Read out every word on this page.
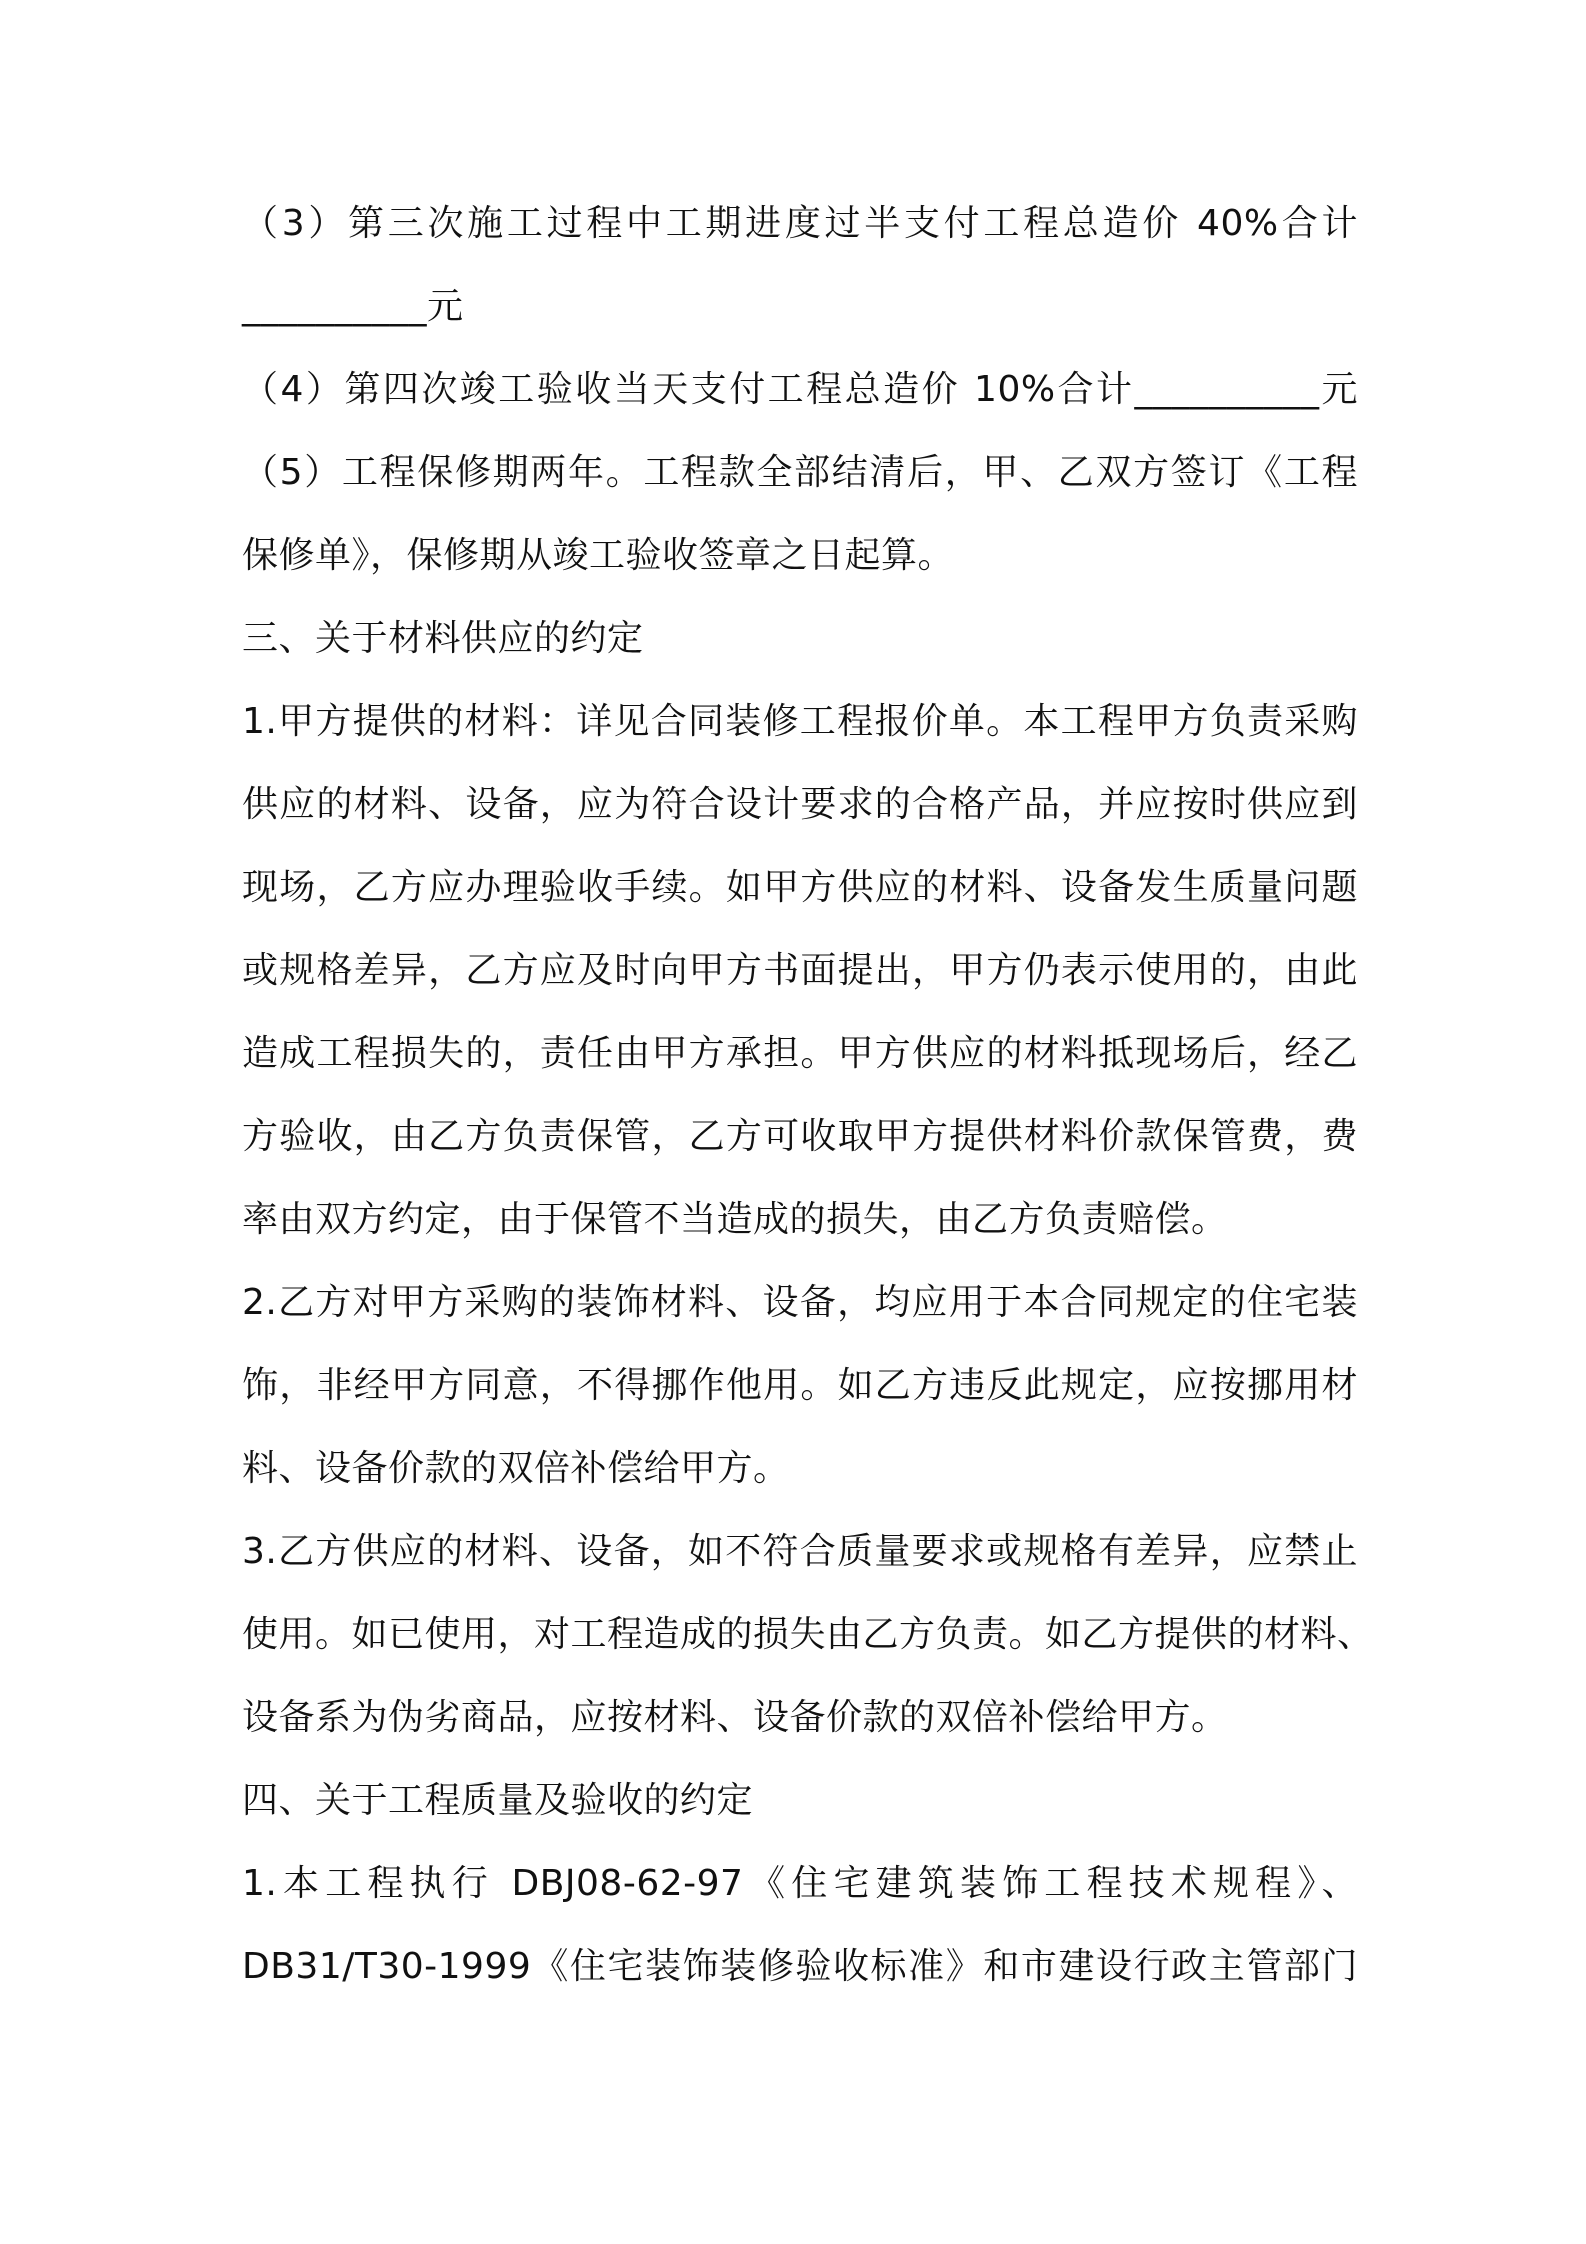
（3）第三次施工过程中工期进度过半支付工程总造价 40%合计
__________元
（4）第四次竣工验收当天支付工程总造价 10%合计__________元
（5）工程保修期两年。工程款全部结清后，甲、乙双方签订《工程
保修单》，保修期从竣工验收签章之日起算。
三、关于材料供应的约定
1.甲方提供的材料：详见合同装修工程报价单。本工程甲方负责采购
供应的材料、设备，应为符合设计要求的合格产品，并应按时供应到
现场，乙方应办理验收手续。如甲方供应的材料、设备发生质量问题
或规格差异，乙方应及时向甲方书面提出，甲方仍表示使用的，由此
造成工程损失的，责任由甲方承担。甲方供应的材料抵现场后，经乙
方验收，由乙方负责保管，乙方可收取甲方提供材料价款保管费，费
率由双方约定，由于保管不当造成的损失，由乙方负责赔偿。
2.乙方对甲方采购的装饰材料、设备，均应用于本合同规定的住宅装
饰，非经甲方同意，不得挪作他用。如乙方违反此规定，应按挪用材
料、设备价款的双倍补偿给甲方。
3.乙方供应的材料、设备，如不符合质量要求或规格有差异，应禁止
使用。如已使用，对工程造成的损失由乙方负责。如乙方提供的材料、
设备系为伪劣商品，应按材料、设备价款的双倍补偿给甲方。
四、关于工程质量及验收的约定
1.本工程执行 DBJ08-62-97《住宅建筑装饰工程技术规程》、
DB31/T30-1999《住宅装饰装修验收标准》和市建设行政主管部门
